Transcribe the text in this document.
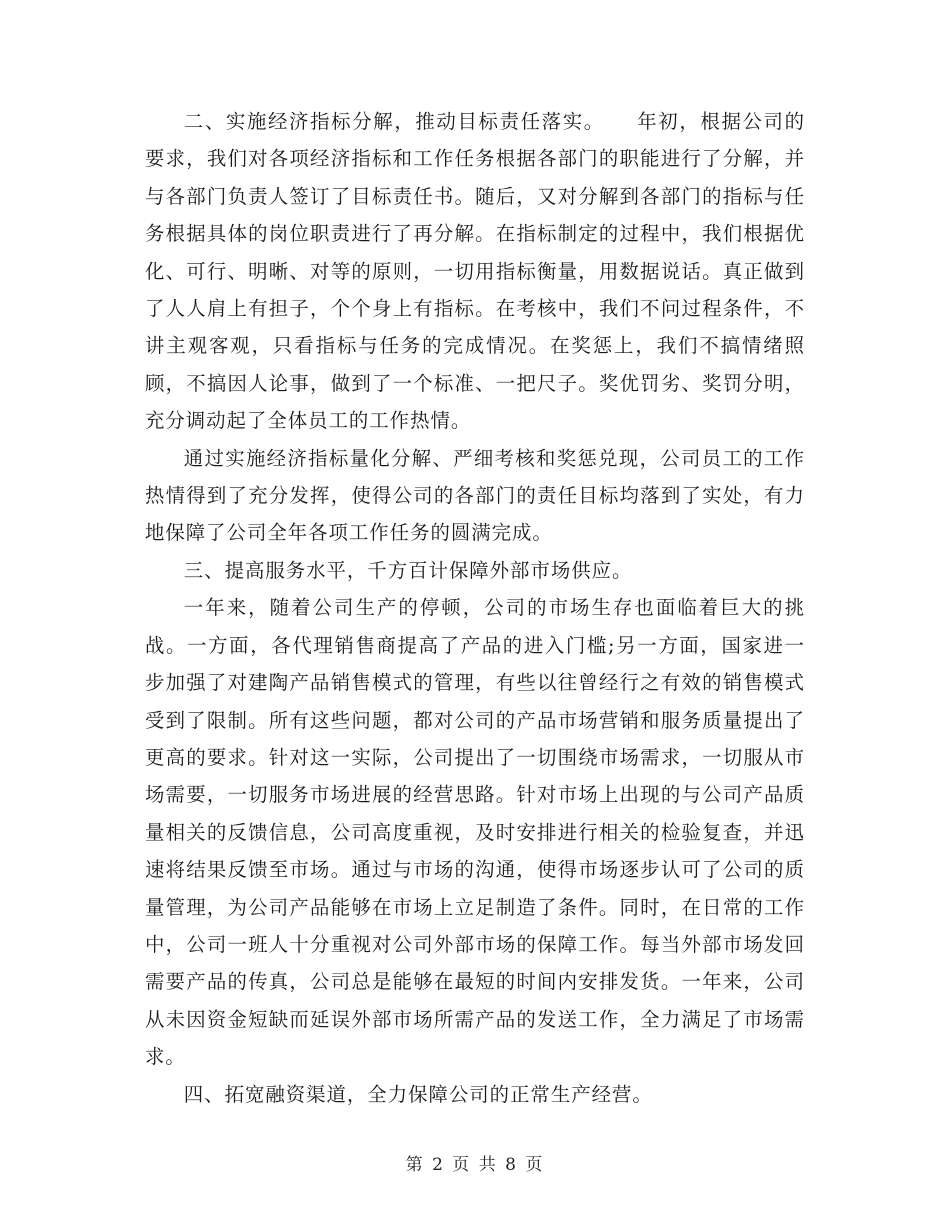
二、实施经济指标分解，推动目标责任落实。　　年初，根据公司的要求，我们对各项经济指标和工作任务根据各部门的职能进行了分解，并与各部门负责人签订了目标责任书。随后，又对分解到各部门的指标与任务根据具体的岗位职责进行了再分解。在指标制定的过程中，我们根据优化、可行、明晰、对等的原则，一切用指标衡量，用数据说话。真正做到了人人肩上有担子，个个身上有指标。在考核中，我们不问过程条件，不讲主观客观，只看指标与任务的完成情况。在奖惩上，我们不搞情绪照顾，不搞因人论事，做到了一个标准、一把尺子。奖优罚劣、奖罚分明，充分调动起了全体员工的工作热情。

通过实施经济指标量化分解、严细考核和奖惩兑现，公司员工的工作热情得到了充分发挥，使得公司的各部门的责任目标均落到了实处，有力地保障了公司全年各项工作任务的圆满完成。

三、提高服务水平，千方百计保障外部市场供应。

一年来，随着公司生产的停顿，公司的市场生存也面临着巨大的挑战。一方面，各代理销售商提高了产品的进入门槛;另一方面，国家进一步加强了对建陶产品销售模式的管理，有些以往曾经行之有效的销售模式受到了限制。所有这些问题，都对公司的产品市场营销和服务质量提出了更高的要求。针对这一实际，公司提出了一切围绕市场需求，一切服从市场需要，一切服务市场进展的经营思路。针对市场上出现的与公司产品质量相关的反馈信息，公司高度重视，及时安排进行相关的检验复查，并迅速将结果反馈至市场。通过与市场的沟通，使得市场逐步认可了公司的质量管理，为公司产品能够在市场上立足制造了条件。同时，在日常的工作中，公司一班人十分重视对公司外部市场的保障工作。每当外部市场发回需要产品的传真，公司总是能够在最短的时间内安排发货。一年来，公司从未因资金短缺而延误外部市场所需产品的发送工作，全力满足了市场需求。

四、拓宽融资渠道，全力保障公司的正常生产经营。

第 2 页 共 8 页
